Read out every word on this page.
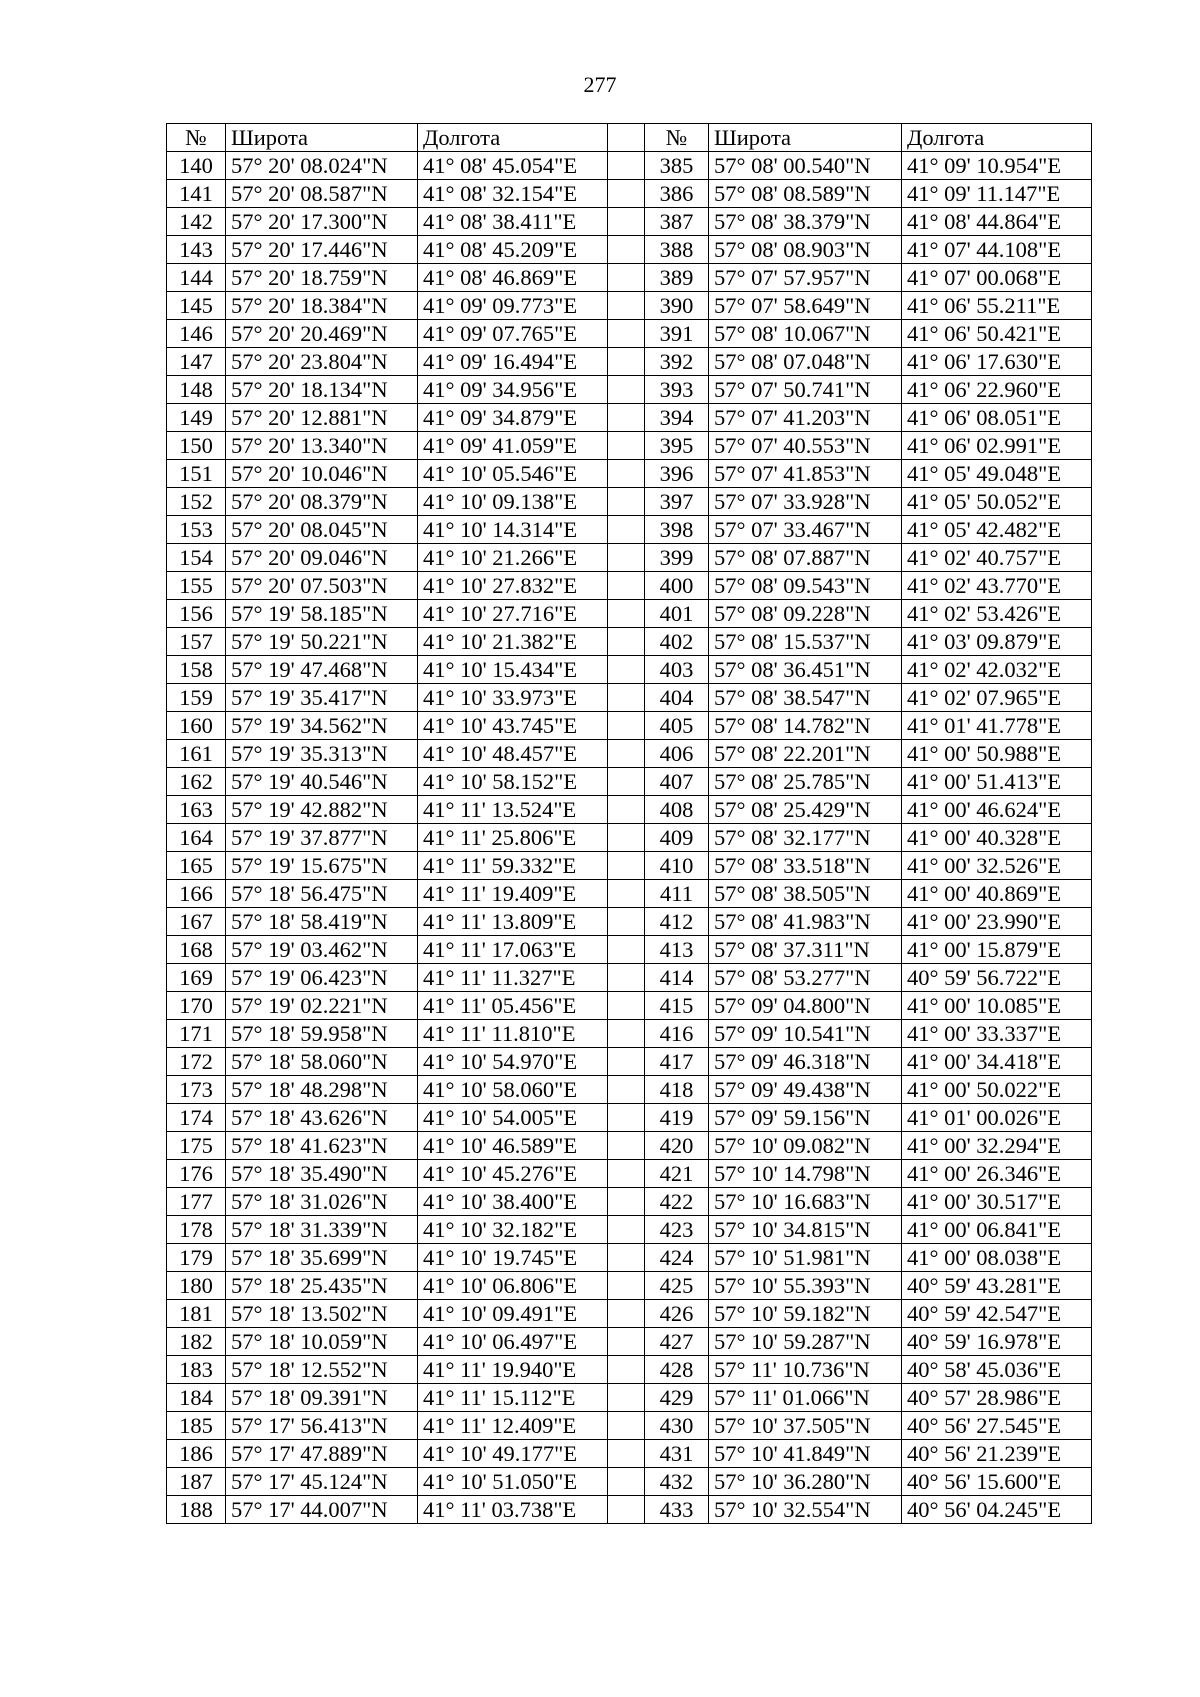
277
№	Широта	Долгота		№	Широта	Долгота
140	57° 20' 08.024"N	41° 08' 45.054"E		385	57° 08' 00.540"N	41° 09' 10.954"E
141	57° 20' 08.587"N	41° 08' 32.154"E		386	57° 08' 08.589"N	41° 09' 11.147"E
142	57° 20' 17.300"N	41° 08' 38.411"E		387	57° 08' 38.379"N	41° 08' 44.864"E
143	57° 20' 17.446"N	41° 08' 45.209"E		388	57° 08' 08.903"N	41° 07' 44.108"E
144	57° 20' 18.759"N	41° 08' 46.869"E		389	57° 07' 57.957"N	41° 07' 00.068"E
145	57° 20' 18.384"N	41° 09' 09.773"E		390	57° 07' 58.649"N	41° 06' 55.211"E
146	57° 20' 20.469"N	41° 09' 07.765"E		391	57° 08' 10.067"N	41° 06' 50.421"E
147	57° 20' 23.804"N	41° 09' 16.494"E		392	57° 08' 07.048"N	41° 06' 17.630"E
148	57° 20' 18.134"N	41° 09' 34.956"E		393	57° 07' 50.741"N	41° 06' 22.960"E
149	57° 20' 12.881"N	41° 09' 34.879"E		394	57° 07' 41.203"N	41° 06' 08.051"E
150	57° 20' 13.340"N	41° 09' 41.059"E		395	57° 07' 40.553"N	41° 06' 02.991"E
151	57° 20' 10.046"N	41° 10' 05.546"E		396	57° 07' 41.853"N	41° 05' 49.048"E
152	57° 20' 08.379"N	41° 10' 09.138"E		397	57° 07' 33.928"N	41° 05' 50.052"E
153	57° 20' 08.045"N	41° 10' 14.314"E		398	57° 07' 33.467"N	41° 05' 42.482"E
154	57° 20' 09.046"N	41° 10' 21.266"E		399	57° 08' 07.887"N	41° 02' 40.757"E
155	57° 20' 07.503"N	41° 10' 27.832"E		400	57° 08' 09.543"N	41° 02' 43.770"E
156	57° 19' 58.185"N	41° 10' 27.716"E		401	57° 08' 09.228"N	41° 02' 53.426"E
157	57° 19' 50.221"N	41° 10' 21.382"E		402	57° 08' 15.537"N	41° 03' 09.879"E
158	57° 19' 47.468"N	41° 10' 15.434"E		403	57° 08' 36.451"N	41° 02' 42.032"E
159	57° 19' 35.417"N	41° 10' 33.973"E		404	57° 08' 38.547"N	41° 02' 07.965"E
160	57° 19' 34.562"N	41° 10' 43.745"E		405	57° 08' 14.782"N	41° 01' 41.778"E
161	57° 19' 35.313"N	41° 10' 48.457"E		406	57° 08' 22.201"N	41° 00' 50.988"E
162	57° 19' 40.546"N	41° 10' 58.152"E		407	57° 08' 25.785"N	41° 00' 51.413"E
163	57° 19' 42.882"N	41° 11' 13.524"E		408	57° 08' 25.429"N	41° 00' 46.624"E
164	57° 19' 37.877"N	41° 11' 25.806"E		409	57° 08' 32.177"N	41° 00' 40.328"E
165	57° 19' 15.675"N	41° 11' 59.332"E		410	57° 08' 33.518"N	41° 00' 32.526"E
166	57° 18' 56.475"N	41° 11' 19.409"E		411	57° 08' 38.505"N	41° 00' 40.869"E
167	57° 18' 58.419"N	41° 11' 13.809"E		412	57° 08' 41.983"N	41° 00' 23.990"E
168	57° 19' 03.462"N	41° 11' 17.063"E		413	57° 08' 37.311"N	41° 00' 15.879"E
169	57° 19' 06.423"N	41° 11' 11.327"E		414	57° 08' 53.277"N	40° 59' 56.722"E
170	57° 19' 02.221"N	41° 11' 05.456"E		415	57° 09' 04.800"N	41° 00' 10.085"E
171	57° 18' 59.958"N	41° 11' 11.810"E		416	57° 09' 10.541"N	41° 00' 33.337"E
172	57° 18' 58.060"N	41° 10' 54.970"E		417	57° 09' 46.318"N	41° 00' 34.418"E
173	57° 18' 48.298"N	41° 10' 58.060"E		418	57° 09' 49.438"N	41° 00' 50.022"E
174	57° 18' 43.626"N	41° 10' 54.005"E		419	57° 09' 59.156"N	41° 01' 00.026"E
175	57° 18' 41.623"N	41° 10' 46.589"E		420	57° 10' 09.082"N	41° 00' 32.294"E
176	57° 18' 35.490"N	41° 10' 45.276"E		421	57° 10' 14.798"N	41° 00' 26.346"E
177	57° 18' 31.026"N	41° 10' 38.400"E		422	57° 10' 16.683"N	41° 00' 30.517"E
178	57° 18' 31.339"N	41° 10' 32.182"E		423	57° 10' 34.815"N	41° 00' 06.841"E
179	57° 18' 35.699"N	41° 10' 19.745"E		424	57° 10' 51.981"N	41° 00' 08.038"E
180	57° 18' 25.435"N	41° 10' 06.806"E		425	57° 10' 55.393"N	40° 59' 43.281"E
181	57° 18' 13.502"N	41° 10' 09.491"E		426	57° 10' 59.182"N	40° 59' 42.547"E
182	57° 18' 10.059"N	41° 10' 06.497"E		427	57° 10' 59.287"N	40° 59' 16.978"E
183	57° 18' 12.552"N	41° 11' 19.940"E		428	57° 11' 10.736"N	40° 58' 45.036"E
184	57° 18' 09.391"N	41° 11' 15.112"E		429	57° 11' 01.066"N	40° 57' 28.986"E
185	57° 17' 56.413"N	41° 11' 12.409"E		430	57° 10' 37.505"N	40° 56' 27.545"E
186	57° 17' 47.889"N	41° 10' 49.177"E		431	57° 10' 41.849"N	40° 56' 21.239"E
187	57° 17' 45.124"N	41° 10' 51.050"E		432	57° 10' 36.280"N	40° 56' 15.600"E
188	57° 17' 44.007"N	41° 11' 03.738"E		433	57° 10' 32.554"N	40° 56' 04.245"E
